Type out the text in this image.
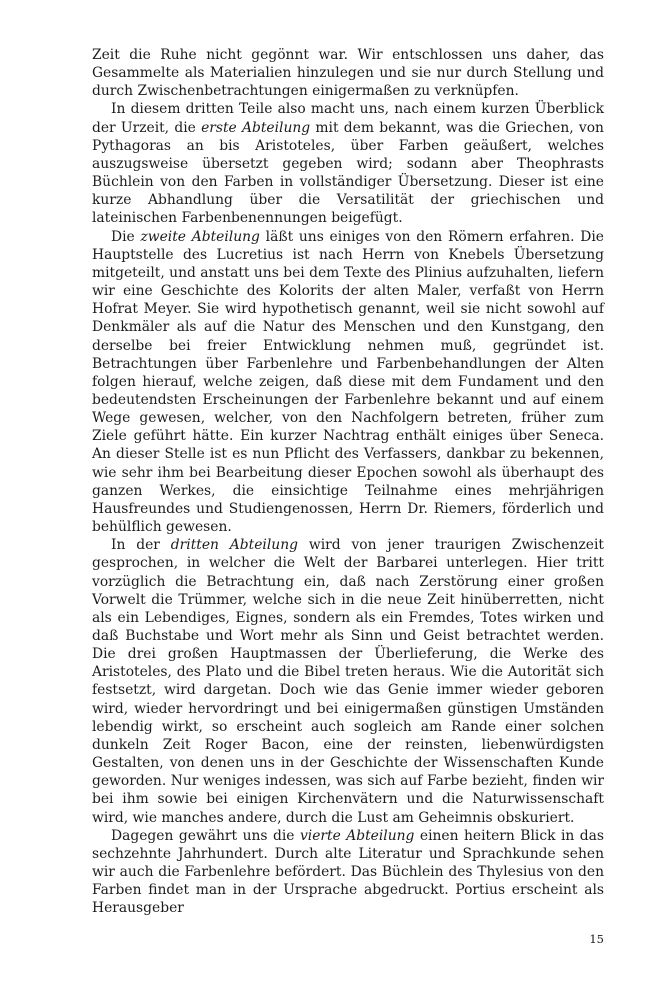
Zeit die Ruhe nicht gegönnt war. Wir entschlossen uns daher, das Gesammelte als Materialien hinzulegen und sie nur durch Stellung und durch Zwischenbetrachtungen einigermaßen zu verknüpfen.

In diesem dritten Teile also macht uns, nach einem kurzen Überblick der Urzeit, die erste Abteilung mit dem bekannt, was die Griechen, von Pythagoras an bis Aristoteles, über Farben geäußert, welches auszugsweise übersetzt gegeben wird; sodann aber Theophrasts Büchlein von den Farben in vollständiger Übersetzung. Dieser ist eine kurze Abhandlung über die Versatilität der griechischen und lateinischen Farbenbenennungen beigefügt.

Die zweite Abteilung läßt uns einiges von den Römern erfahren. Die Hauptstelle des Lucretius ist nach Herrn von Knebels Übersetzung mitgeteilt, und anstatt uns bei dem Texte des Plinius aufzuhalten, liefern wir eine Geschichte des Kolorits der alten Maler, verfaßt von Herrn Hofrat Meyer. Sie wird hypothetisch genannt, weil sie nicht sowohl auf Denkmäler als auf die Natur des Menschen und den Kunstgang, den derselbe bei freier Entwicklung nehmen muß, gegründet ist. Betrachtungen über Farbenlehre und Farbenbehandlungen der Alten folgen hierauf, welche zeigen, daß diese mit dem Fundament und den bedeutendsten Erscheinungen der Farbenlehre bekannt und auf einem Wege gewesen, welcher, von den Nachfolgern betreten, früher zum Ziele geführt hätte. Ein kurzer Nachtrag enthält einiges über Seneca. An dieser Stelle ist es nun Pflicht des Verfassers, dankbar zu bekennen, wie sehr ihm bei Bearbeitung dieser Epochen sowohl als überhaupt des ganzen Werkes, die einsichtige Teilnahme eines mehrjährigen Hausfreundes und Studiengenossen, Herrn Dr. Riemers, förderlich und behülflich gewesen.

In der dritten Abteilung wird von jener traurigen Zwischenzeit gesprochen, in welcher die Welt der Barbarei unterlegen. Hier tritt vorzüglich die Betrachtung ein, daß nach Zerstörung einer großen Vorwelt die Trümmer, welche sich in die neue Zeit hinüberretten, nicht als ein Lebendiges, Eignes, sondern als ein Fremdes, Totes wirken und daß Buchstabe und Wort mehr als Sinn und Geist betrachtet werden. Die drei großen Hauptmassen der Überlieferung, die Werke des Aristoteles, des Plato und die Bibel treten heraus. Wie die Autorität sich festsetzt, wird dargetan. Doch wie das Genie immer wieder geboren wird, wieder hervordringt und bei einigermaßen günstigen Umständen lebendig wirkt, so erscheint auch sogleich am Rande einer solchen dunkeln Zeit Roger Bacon, eine der reinsten, liebenwürdigsten Gestalten, von denen uns in der Geschichte der Wissenschaften Kunde geworden. Nur weniges indessen, was sich auf Farbe bezieht, finden wir bei ihm sowie bei einigen Kirchenvätern und die Naturwissenschaft wird, wie manches andere, durch die Lust am Geheimnis obskuriert.

Dagegen gewährt uns die vierte Abteilung einen heitern Blick in das sechzehnte Jahrhundert. Durch alte Literatur und Sprachkunde sehen wir auch die Farbenlehre befördert. Das Büchlein des Thylesius von den Farben findet man in der Ursprache abgedruckt. Portius erscheint als Herausgeber

15
